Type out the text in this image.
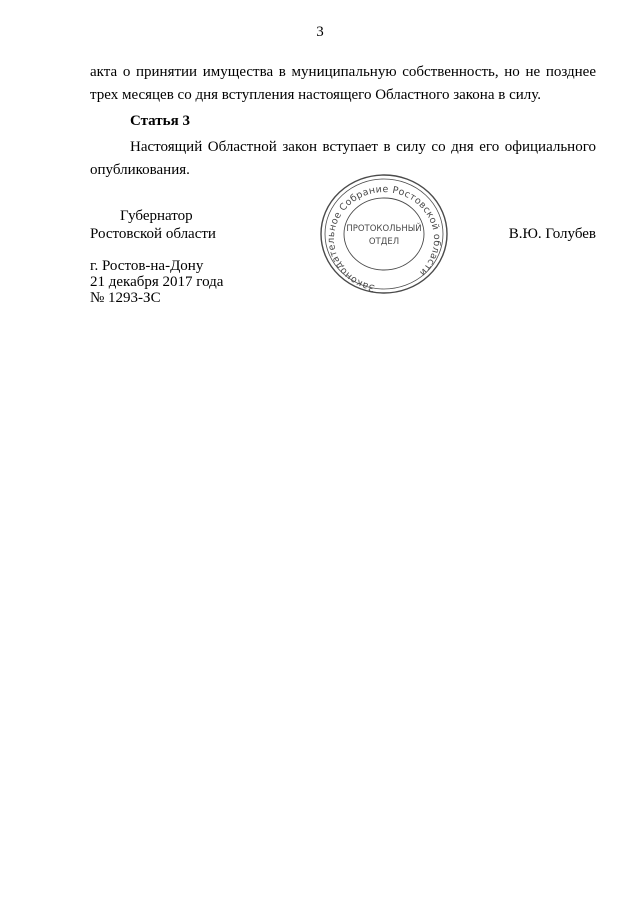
3
акта о принятии имущества в муниципальную собственность, но не позднее
трех месяцев со дня вступления настоящего Областного закона в силу.
Статья 3
Настоящий Областной закон вступает в силу со дня его официального
опубликования.
Губернатор
Ростовской области	В.Ю. Голубев
Законодательное Собрание Ростовской области
ПРОТОКОЛЬНЫЙ
ОТДЕЛ
г. Ростов-на-Дону
21 декабря 2017 года
№ 1293-ЗС
